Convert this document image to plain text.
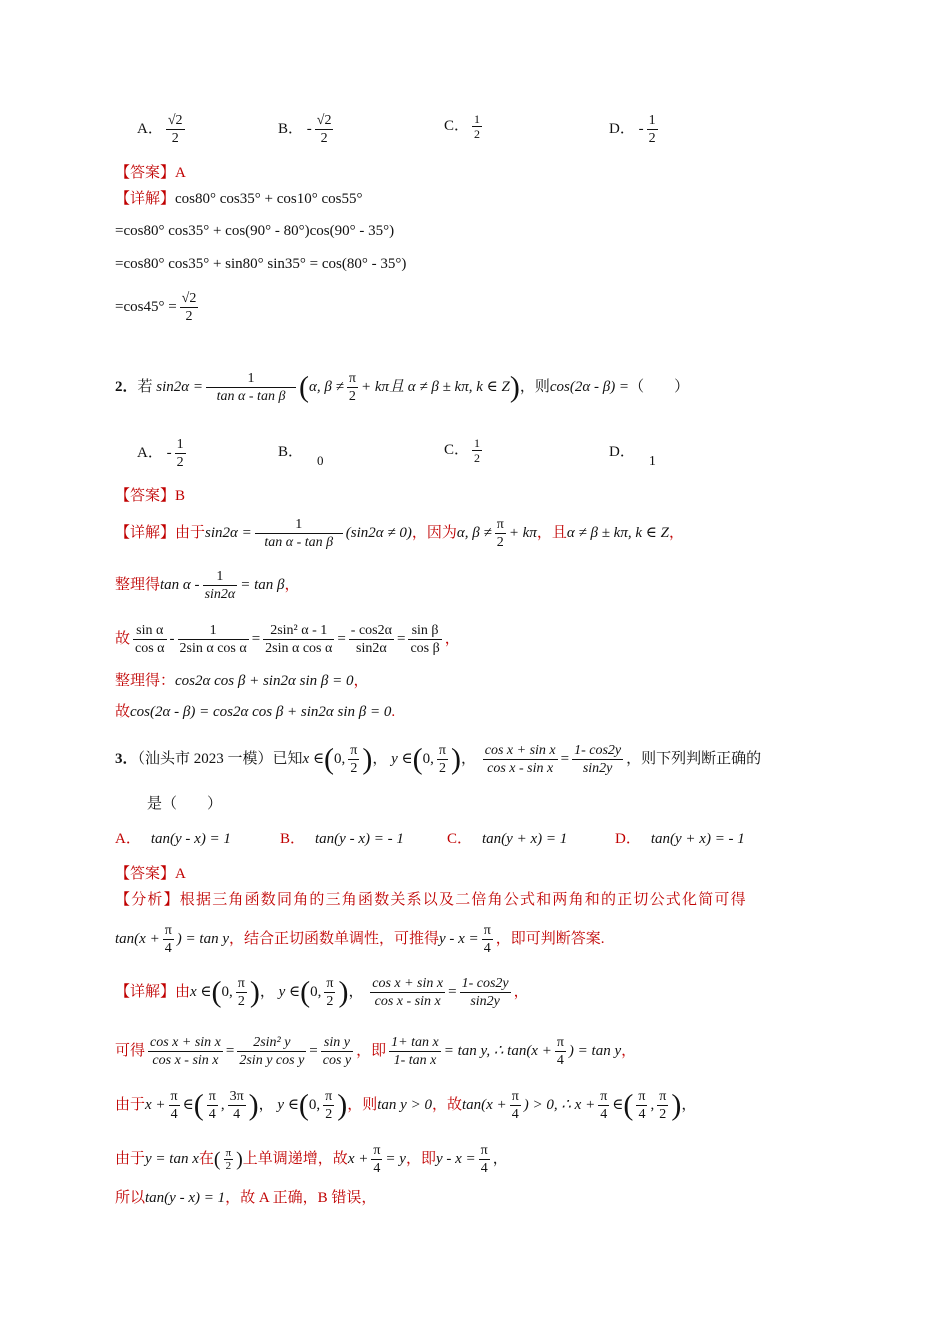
A． $\frac{√2}{2}$	B． - $\frac{√2}{2}$	C． $\frac{1}{2}$	D． - $\frac{1}{2}$
【答案】A
【详解】cos80° cos35° + cos10° cos55°
=cos80° cos35° + cos(90° - 80°)cos(90° - 35°)
=cos80° cos35° + sin80° sin35° = cos(80° - 35°)
$=\cos 45^\circ = \frac{√2}{2}$
2．若 $\sin 2\alpha = \frac{1}{\text{tan α - tan β}} (\alpha$, $\beta \ne \frac{\pi}{2} + k\pi$且 α ≠ β ± kπ, k ∈ Z)，则cos(2α - β) =（　　）
A． - $\frac{1}{2}$	B．0
C． $\frac{1}{2}$	D．1
【答案】B
【详解】由于$\sin 2\alpha = \frac{1}{\text{tan α - tan β}} (\sin 2\alpha \ne 0)$，因为α, $\beta \ne \frac{\pi}{2} + k\pi$，且α ≠ β ± kπ, k ∈ Z，
整理得$\tan \alpha - \frac{1}{\sin 2\alpha} = \tan \beta$，
故 $\frac{\text{sin α}}{\text{cos α}} - \frac{1}{\text{2sin α cos α}} = \frac{\text{2sin² α - 1}}{\text{2sin α cos α}} = \frac{- \cos 2\alpha}{\sin 2\alpha} = \frac{\text{sin β}}{\text{cos β}}$ ，
整理得：cos2α cos β + sin2α sin β = 0，
故cos(2α - β) = cos2α cos β + sin2α sin β = 0.
3．（汕头市 2023 一模）已知x ∈(0, $\frac{\pi}{2}$ )， y ∈(0, $\frac{\pi}{2}$ )， $\frac{\text{cos x + sin x}}{\text{cos x - sin x}} = \frac{1- \cos 2y}{\sin 2y}$ ，则下列判断正确的
是（　　）
A． tan(y - x) = 1	B． tan(y - x) = - 1	C． tan(y + x) = 1	D． tan(y + x) = - 1
【答案】A
【分析】根据三角函数同角的三角函数关系以及二倍角公式和两角和的正切公式化简可得
$\tan(x + \frac{\pi}{4}$ ) = tan y，结合正切函数单调性，可推得$y - x = \frac{\pi}{4}$ ，即可判断答案.
【详解】由x ∈(0, $\frac{\pi}{2}$ )， y ∈(0, $\frac{\pi}{2}$ )， $\frac{\text{cos x + sin x}}{\text{cos x - sin x}} = \frac{1- \cos 2y}{\sin 2y}$ ，
可得 $\frac{\text{cos x + sin x}}{\text{cos x - sin x}} = \frac{\text{2sin² y}}{\text{2sin y cos y}} = \frac{\text{sin y}}{\text{cos y}}$ ，即 $\frac{\text{1+ tan x}}{\text{1- tan x}} = \tan y$, ∴ $\tan(x + \frac{\pi}{4}$ ) = tan y，
由于$x + \frac{\pi}{4}$ ∈( $\frac{\pi}{4}$ , $\frac{3\pi}{4}$ )， y ∈(0, $\frac{\pi}{2}$ )，则tan y > 0，故$\tan(x + \frac{\pi}{4}$ ) > 0, ∴ $x + \frac{\pi}{4}$ ∈( $\frac{\pi}{4}$ , $\frac{\pi}{2}$ )，
由于y = tan x在( $\frac{\pi}{2}$ )上单调递增，故$x + \frac{\pi}{4} = y$，即$y - x = \frac{\pi}{4}$ ，
所以tan(y - x) = 1，故 A 正确，B 错误，
